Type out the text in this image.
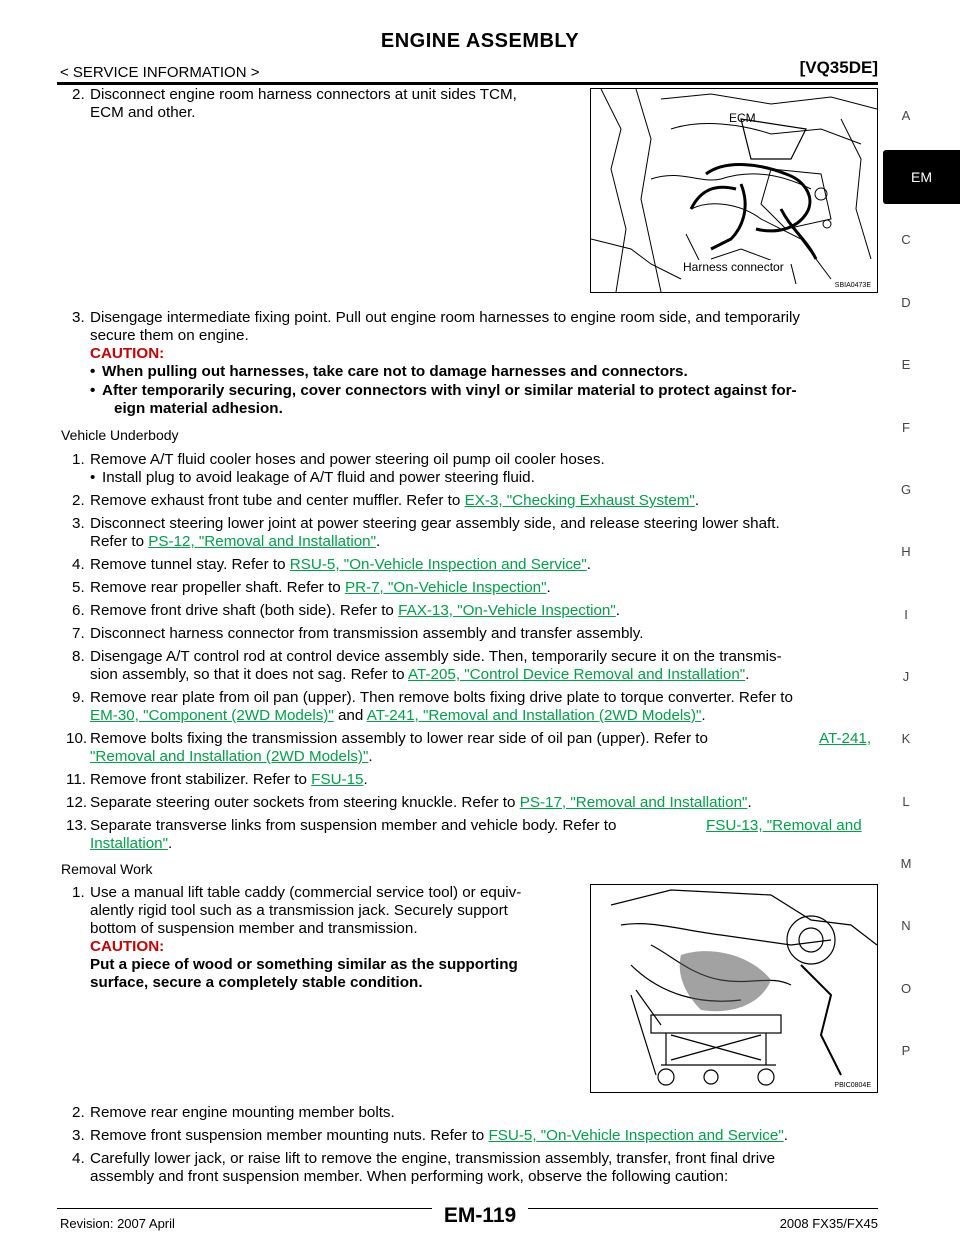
ENGINE ASSEMBLY
< SERVICE INFORMATION >	[VQ35DE]
A
EM
C
D
E
F
G
H
I
J
K
L
M
N
O
P
2. Disconnect engine room harness connectors at unit sides TCM,
ECM and other.	ECM
Harness connector
SBIA0473E
3. Disengage intermediate fixing point. Pull out engine room harnesses to engine room side, and temporarily
secure them on engine.
CAUTION:
• When pulling out harnesses, take care not to damage harnesses and connectors.
• After temporarily securing, cover connectors with vinyl or similar material to protect against for-
eign material adhesion.
Vehicle Underbody
1. Remove A/T fluid cooler hoses and power steering oil pump oil cooler hoses.
• Install plug to avoid leakage of A/T fluid and power steering fluid.
2. Remove exhaust front tube and center muffler. Refer to EX-3, "Checking Exhaust System".
3. Disconnect steering lower joint at power steering gear assembly side, and release steering lower shaft.
Refer to PS-12, "Removal and Installation".
4. Remove tunnel stay. Refer to RSU-5, "On-Vehicle Inspection and Service".
5. Remove rear propeller shaft. Refer to PR-7, "On-Vehicle Inspection".
6. Remove front drive shaft (both side). Refer to FAX-13, "On-Vehicle Inspection".
7. Disconnect harness connector from transmission assembly and transfer assembly.
8. Disengage A/T control rod at control device assembly side. Then, temporarily secure it on the transmis-
sion assembly, so that it does not sag. Refer to AT-205, "Control Device Removal and Installation".
9. Remove rear plate from oil pan (upper). Then remove bolts fixing drive plate to torque converter. Refer to
EM-30, "Component (2WD Models)" and AT-241, "Removal and Installation (2WD Models)".
10. Remove bolts fixing the transmission assembly to lower rear side of oil pan (upper). Refer to	AT-241,
"Removal and Installation (2WD Models)".
11. Remove front stabilizer. Refer to FSU-15.
12. Separate steering outer sockets from steering knuckle. Refer to PS-17, "Removal and Installation".
13. Separate transverse links from suspension member and vehicle body. Refer to	FSU-13, "Removal and
Installation".
Removal Work
1. Use a manual lift table caddy (commercial service tool) or equiv-
alently rigid tool such as a transmission jack. Securely support
bottom of suspension member and transmission.
CAUTION:
Put a piece of wood or something similar as the supporting
surface, secure a completely stable condition.
PBIC0804E
2. Remove rear engine mounting member bolts.
3. Remove front suspension member mounting nuts. Refer to FSU-5, "On-Vehicle Inspection and Service".
4. Carefully lower jack, or raise lift to remove the engine, transmission assembly, transfer, front final drive
assembly and front suspension member. When performing work, observe the following caution:
EM-119
Revision: 2007 April	2008 FX35/FX45
